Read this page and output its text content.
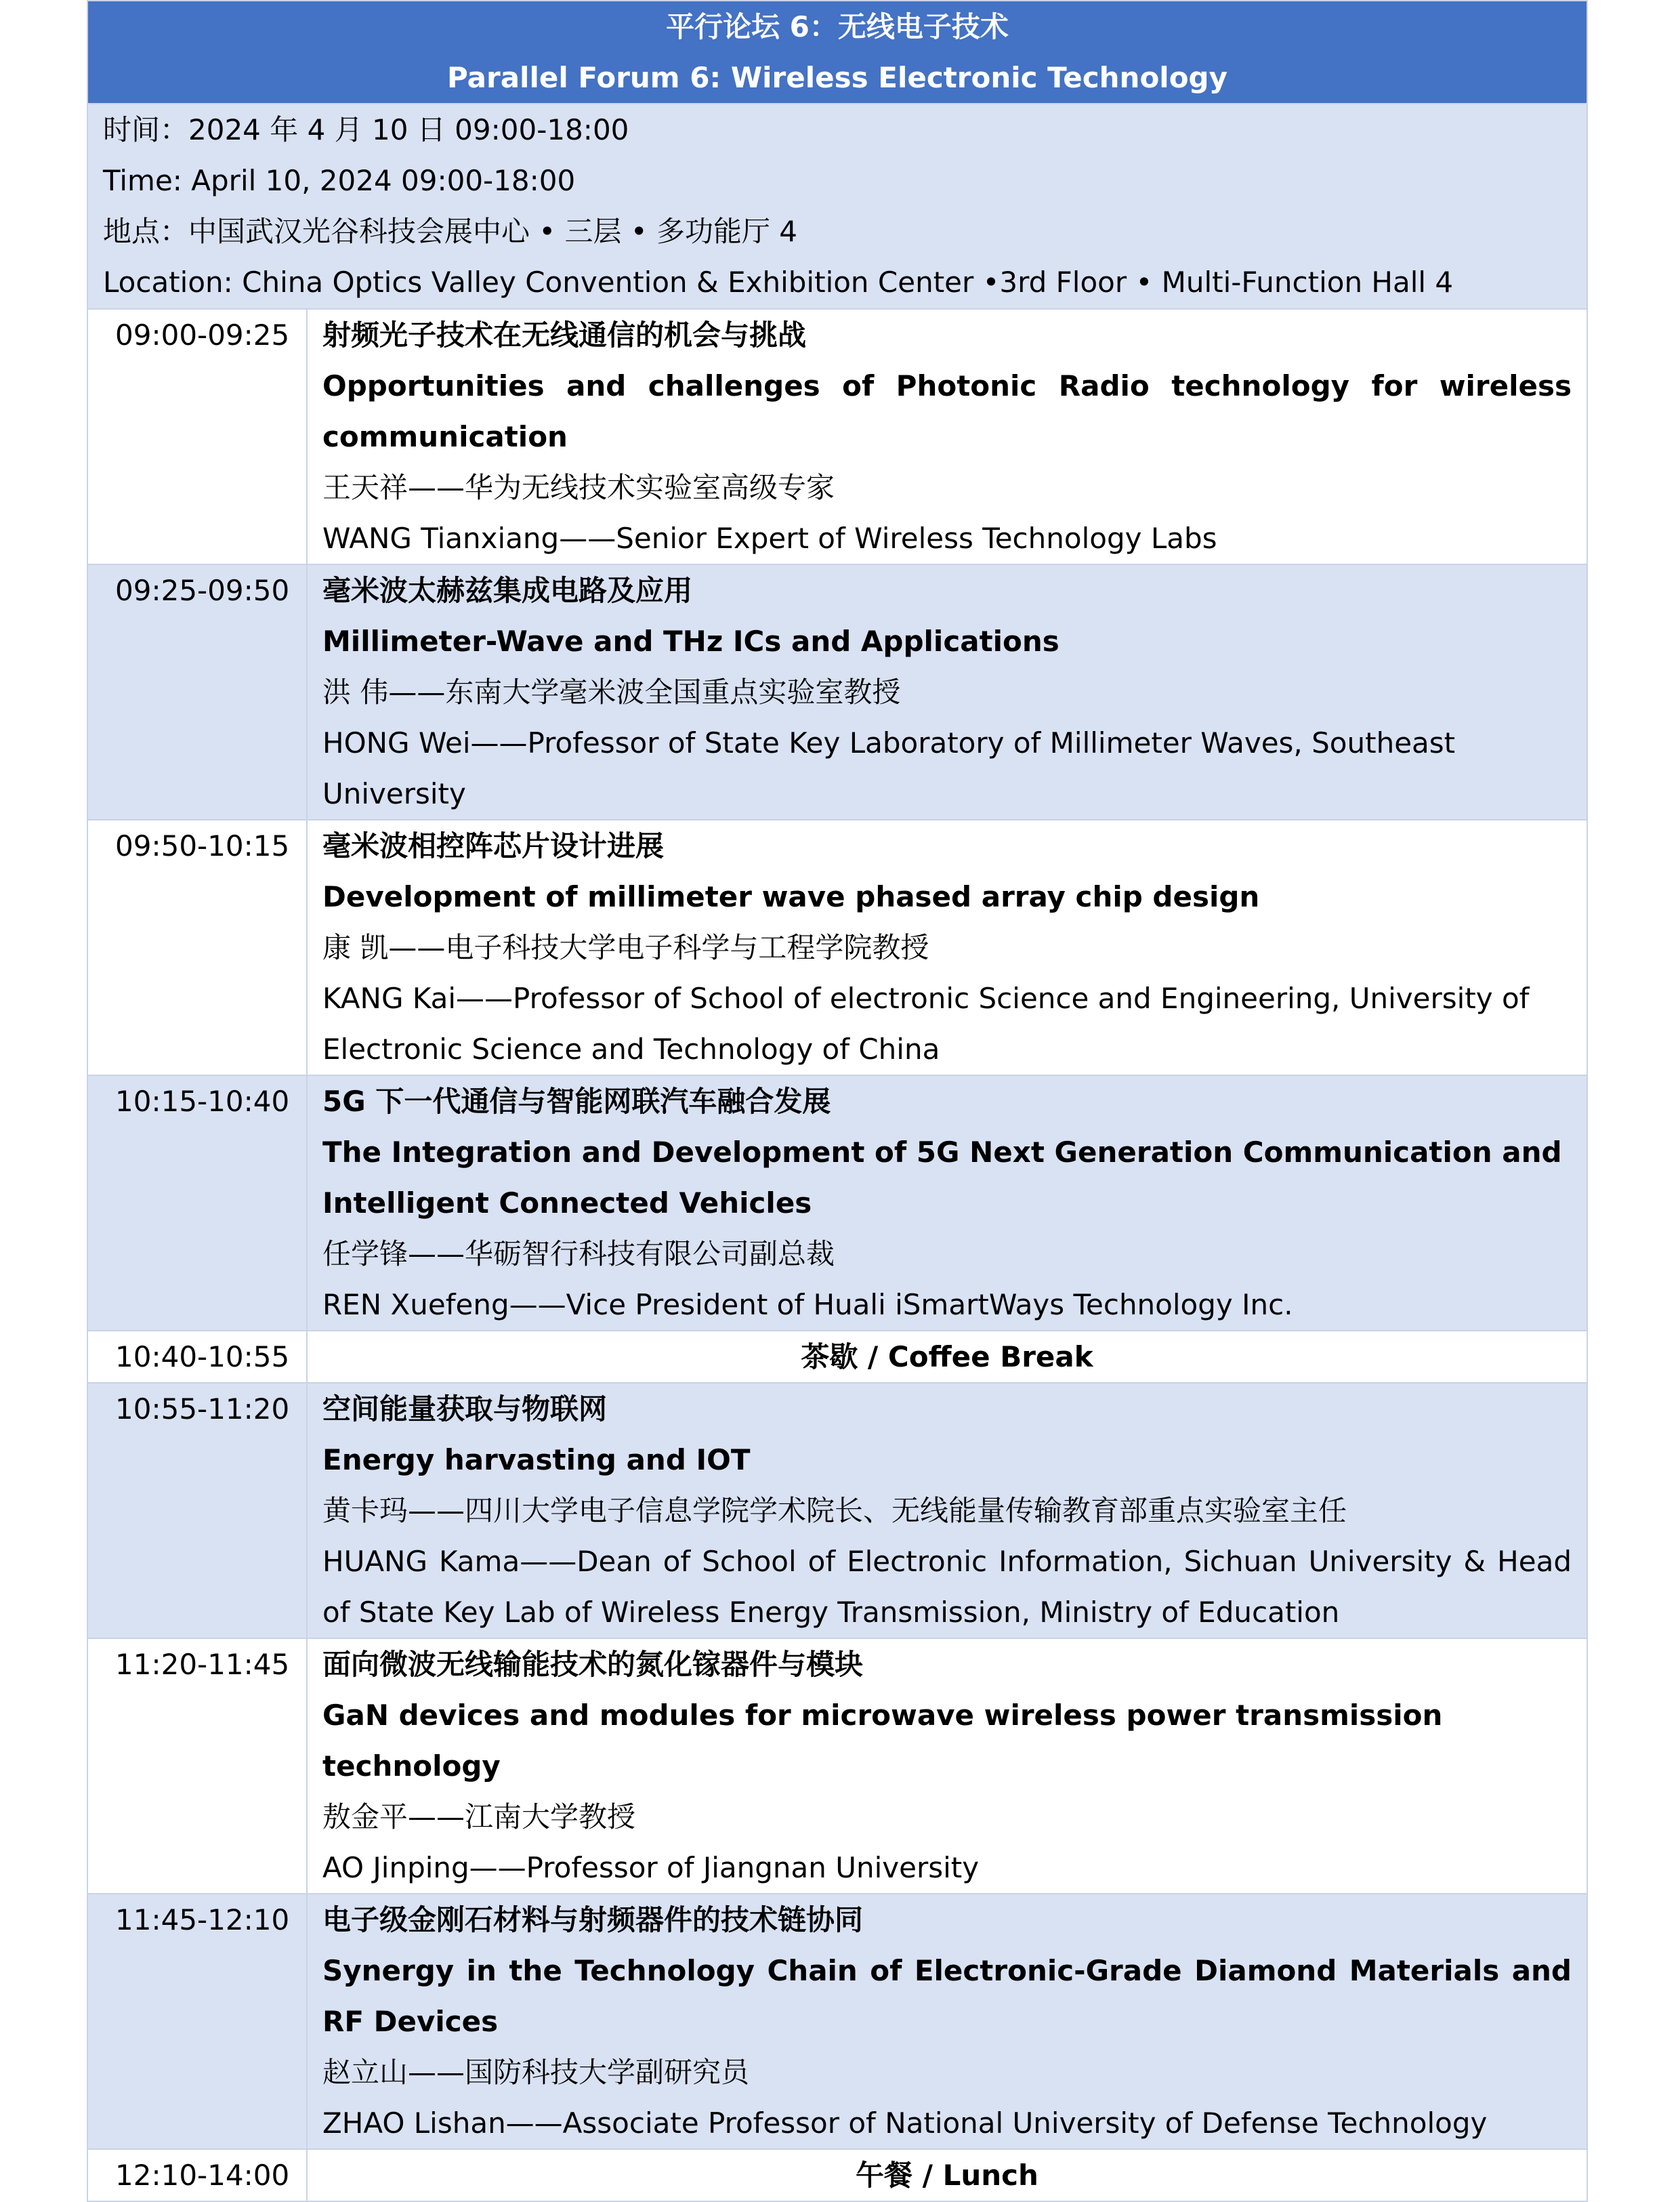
平行论坛 6：无线电子技术
Parallel Forum 6: Wireless Electronic Technology	

时间：2024 年 4 月 10 日 09:00-18:00
Time: April 10, 2024 09:00-18:00
地点：中国武汉光谷科技会展中心 • 三层 • 多功能厅 4
Location: China Optics Valley Convention & Exhibition Center •3rd Floor • Multi-Function Hall 4	

09:00-09:25	射频光子技术在无线通信的机会与挑战
Opportunities and challenges of Photonic Radio technology for wireless communication
王天祥——华为无线技术实验室高级专家
WANG Tianxiang——Senior Expert of Wireless Technology Labs

09:25-09:50	毫米波太赫兹集成电路及应用
Millimeter-Wave and THz ICs and Applications
洪 伟——东南大学毫米波全国重点实验室教授
HONG Wei——Professor of State Key Laboratory of Millimeter Waves, Southeast University

09:50-10:15	毫米波相控阵芯片设计进展
Development of millimeter wave phased array chip design
康 凯——电子科技大学电子科学与工程学院教授
KANG Kai——Professor of School of electronic Science and Engineering, University of Electronic Science and Technology of China

10:15-10:40	5G 下一代通信与智能网联汽车融合发展
The Integration and Development of 5G Next Generation Communication and Intelligent Connected Vehicles
任学锋——华砺智行科技有限公司副总裁
REN Xuefeng——Vice President of Huali iSmartWays Technology Inc.

10:40-10:55	茶歇 / Coffee Break
10:55-11:20	空间能量获取与物联网
Energy harvasting and IOT
黄卡玛——四川大学电子信息学院学术院长、无线能量传输教育部重点实验室主任
HUANG Kama——Dean of School of Electronic Information, Sichuan University & Head of State Key Lab of Wireless Energy Transmission, Ministry of Education

11:20-11:45	面向微波无线输能技术的氮化镓器件与模块
GaN devices and modules for microwave wireless power transmission technology
敖金平——江南大学教授
AO Jinping——Professor of Jiangnan University

11:45-12:10	电子级金刚石材料与射频器件的技术链协同
Synergy in the Technology Chain of Electronic-Grade Diamond Materials and RF Devices
赵立山——国防科技大学副研究员
ZHAO Lishan——Associate Professor of National University of Defense Technology

12:10-14:00	午餐 / Lunch
